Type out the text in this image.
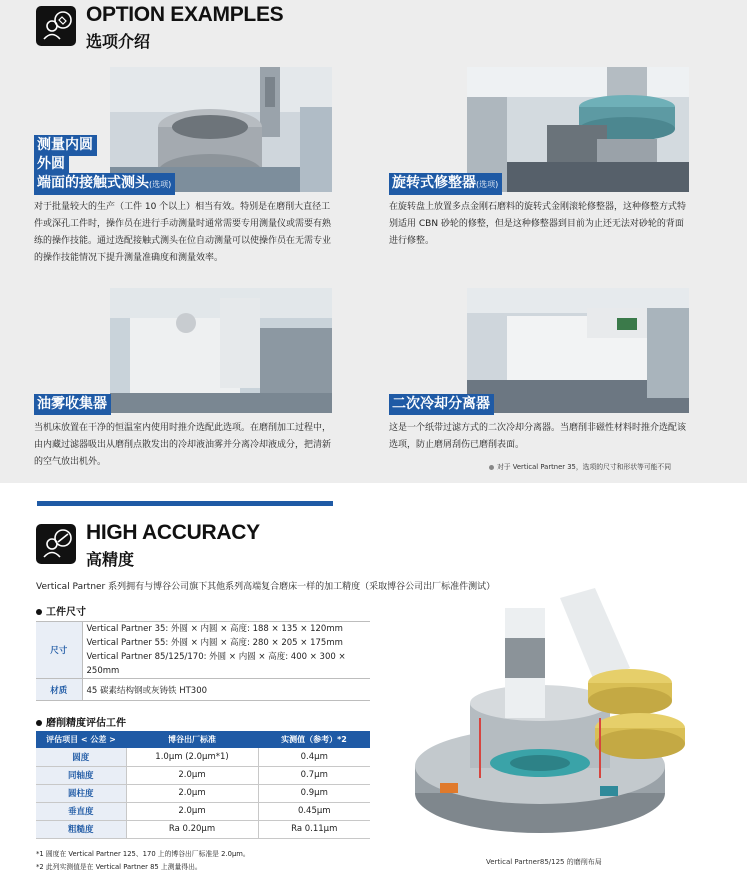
OPTION EXAMPLES
选项介绍
测量内圆
外圆
端面的接触式测头(选项)
对于批量较大的生产（工件 10 个以上）相当有效。特别是在磨削大直径工件或深孔工件时，操作员在进行手动测量时通常需要专用测量仪或需要有熟练的操作技能。通过选配接触式测头在位自动测量可以使操作员在无需专业的操作技能情况下提升测量准确度和测量效率。
旋转式修整器(选项)
在旋转盘上放置多点金刚石磨料的旋转式金刚滚轮修整器，这种修整方式特别适用 CBN 砂轮的修整，但是这种修整器到目前为止还无法对砂轮的背面进行修整。
油雾收集器
当机床放置在干净的恒温室内使用时推介选配此选项。在磨削加工过程中，由内藏过滤器吸出从磨削点散发出的冷却液油雾并分离冷却液成分，把清新的空气放出机外。
二次冷却分离器
这是一个纸带过滤方式的二次冷却分离器。当磨削非磁性材料时推介选配该选项，防止磨屑刮伤已磨削表面。
对于 Vertical Partner 35，选项的尺寸和形状等可能不同
HIGH ACCURACY
高精度
Vertical Partner 系列拥有与博谷公司旗下其他系列高端复合磨床一样的加工精度（采取博谷公司出厂标准件测试）
工件尺寸
尺寸	Vertical Partner 35: 外圆 × 内圆 × 高度: 188 × 135 × 120mm
Vertical Partner 55: 外圆 × 内圆 × 高度: 280 × 205 × 175mm
Vertical Partner 85/125/170: 外圆 × 内圆 × 高度: 400 × 300 × 250mm

材质	45 碳素结构钢或灰铸铁 HT300
磨削精度评估工件
评估项目 < 公差 >	博谷出厂标准	实测值（参考）*2
圆度	1.0μm (2.0μm*1)	0.4μm
同轴度	2.0μm	0.7μm
圆柱度	2.0μm	0.9μm
垂直度	2.0μm	0.45μm
粗糙度	Ra 0.20μm	Ra 0.11μm
*1 圆度在 Vertical Partner 125、170 上的博谷出厂标准是 2.0μm。
*2 此列实测值是在 Vertical Partner 85 上测量得出。
Vertical Partner85/125 的磨削布局
